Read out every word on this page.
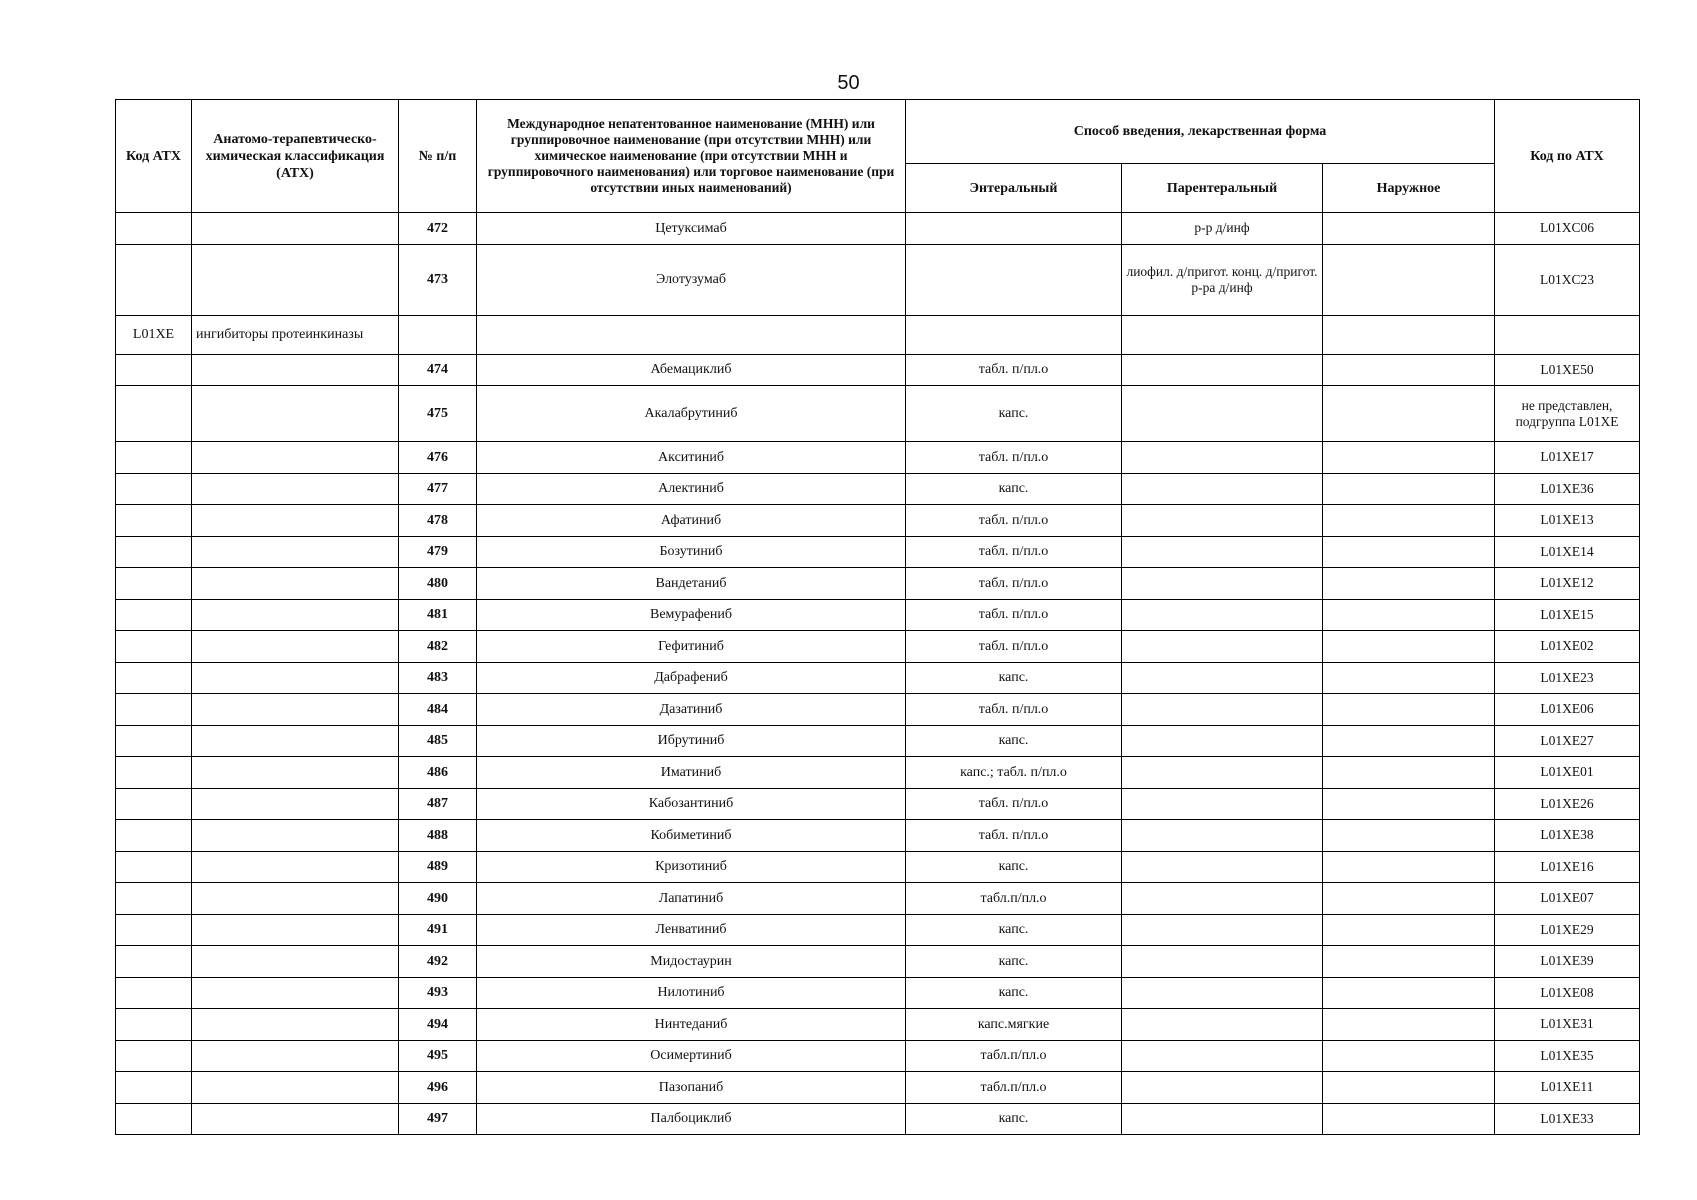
50
Код АТХ	Анатомо-терапевтическо-химическая классификация (АТХ)	№ п/п	Международное непатентованное наименование (МНН) или группировочное наименование (при отсутствии МНН) или химическое наименование (при отсутствии МНН и группировочного наименования) или торговое наименование (при отсутствии иных наименований)	Способ введения, лекарственная форма			Код по АТХ
				Энтеральный	Парентеральный	Наружное	
		472	Цетуксимаб		р-р д/инф		L01XC06
		473	Элотузумаб		лиофил. д/пригот. конц. д/пригот. р-ра д/инф		L01XC23
L01XE	ингибиторы протеинкиназы						
		474	Абемациклиб	табл. п/пл.о			L01XE50
		475	Акалабрутиниб	капс.			не представлен, подгруппа L01XE
		476	Акситиниб	табл. п/пл.о			L01XE17
		477	Алектиниб	капс.			L01XE36
		478	Афатиниб	табл. п/пл.о			L01XE13
		479	Бозутиниб	табл. п/пл.о			L01XE14
		480	Вандетаниб	табл. п/пл.о			L01XE12
		481	Вемурафениб	табл. п/пл.о			L01XE15
		482	Гефитиниб	табл. п/пл.о			L01XE02
		483	Дабрафениб	капс.			L01XE23
		484	Дазатиниб	табл. п/пл.о			L01XE06
		485	Ибрутиниб	капс.			L01XE27
		486	Иматиниб	капс.; табл. п/пл.о			L01XE01
		487	Кабозантиниб	табл. п/пл.о			L01XE26
		488	Кобиметиниб	табл. п/пл.о			L01XE38
		489	Кризотиниб	капс.			L01XE16
		490	Лапатиниб	табл.п/пл.о			L01XE07
		491	Ленватиниб	капс.			L01XE29
		492	Мидостаурин	капс.			L01XE39
		493	Нилотиниб	капс.			L01XE08
		494	Нинтеданиб	капс.мягкие			L01XE31
		495	Осимертиниб	табл.п/пл.о			L01XE35
		496	Пазопаниб	табл.п/пл.о			L01XE11
		497	Палбоциклиб	капс.			L01XE33
